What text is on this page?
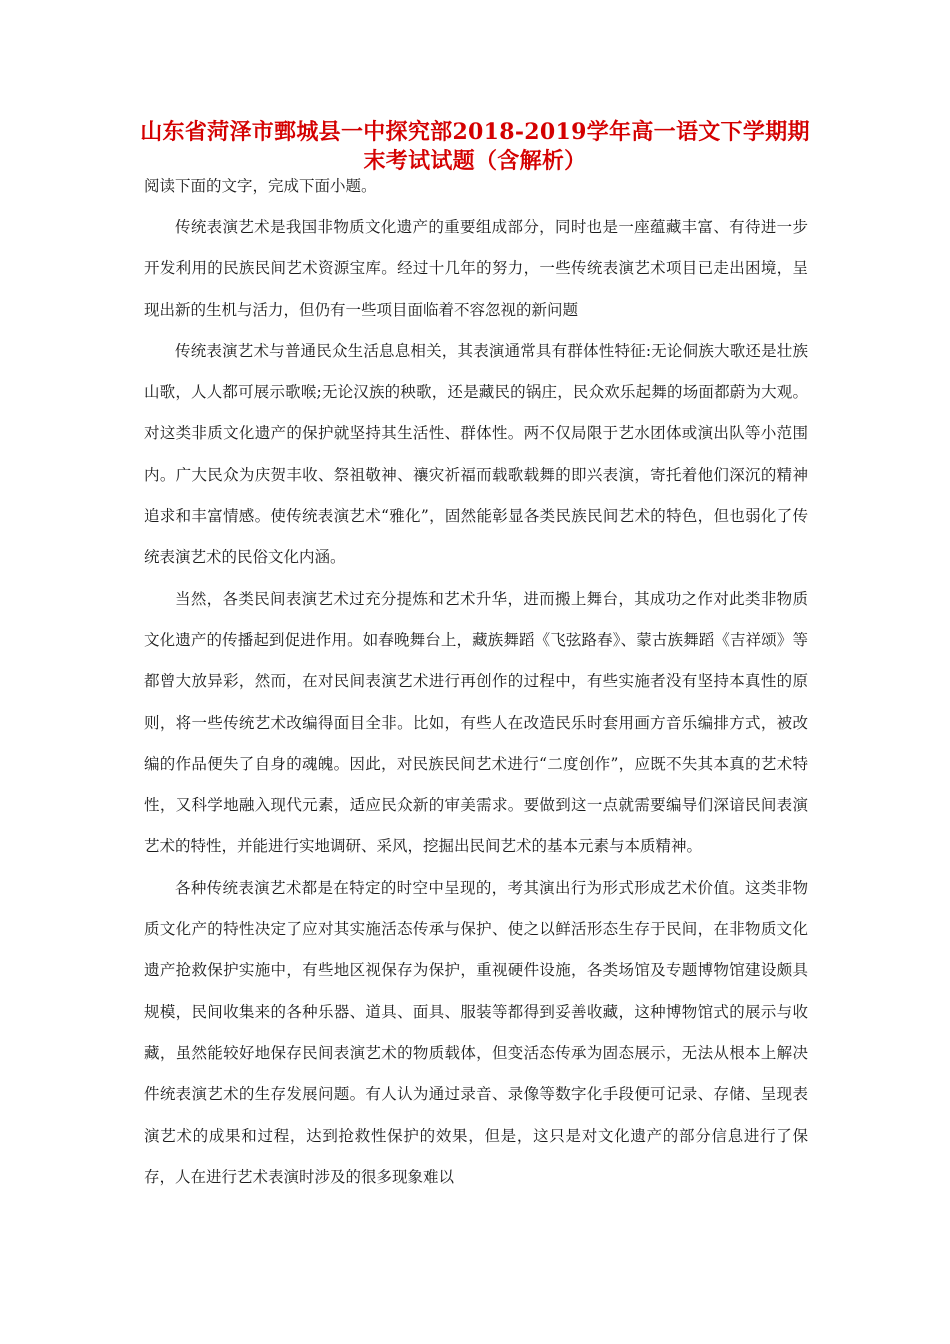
山东省菏泽市鄄城县一中探究部2018-2019学年高一语文下学期期末考试试题（含解析）
阅读下面的文字，完成下面小题。

传统表演艺术是我国非物质文化遗产的重要组成部分，同时也是一座蕴藏丰富、有待进一步开发利用的民族民间艺术资源宝库。经过十几年的努力，一些传统表演艺术项目已走出困境，呈现出新的生机与活力，但仍有一些项目面临着不容忽视的新问题

传统表演艺术与普通民众生活息息相关，其表演通常具有群体性特征:无论侗族大歌还是壮族山歌，人人都可展示歌喉;无论汉族的秧歌，还是藏民的锅庄，民众欢乐起舞的场面都蔚为大观。对这类非质文化遗产的保护就坚持其生活性、群体性。两不仅局限于艺水团体或演出队等小范围内。广大民众为庆贺丰收、祭祖敬神、禳灾祈福而载歌载舞的即兴表演，寄托着他们深沉的精神追求和丰富情感。使传统表演艺术“雅化”，固然能彰显各类民族民间艺术的特色，但也弱化了传统表演艺术的民俗文化内涵。

当然，各类民间表演艺术过充分提炼和艺术升华，进而搬上舞台，其成功之作对此类非物质文化遗产的传播起到促进作用。如春晚舞台上，藏族舞蹈《飞弦路春》、蒙古族舞蹈《吉祥颂》等都曾大放异彩，然而，在对民间表演艺术进行再创作的过程中，有些实施者没有坚持本真性的原则，将一些传统艺术改编得面目全非。比如，有些人在改造民乐时套用画方音乐编排方式，被改编的作品便失了自身的魂魄。因此，对民族民间艺术进行“二度创作”，应既不失其本真的艺术特性，又科学地融入现代元素，适应民众新的审美需求。要做到这一点就需要编导们深谙民间表演艺术的特性，并能进行实地调研、采风，挖掘出民间艺术的基本元素与本质精神。

各种传统表演艺术都是在特定的时空中呈现的，考其演出行为形式形成艺术价值。这类非物质文化产的特性决定了应对其实施活态传承与保护、使之以鲜活形态生存于民间，在非物质文化遗产抢救保护实施中，有些地区视保存为保护，重视硬件设施，各类场馆及专题博物馆建设颇具规模，民间收集来的各种乐器、道具、面具、服装等都得到妥善收藏，这种博物馆式的展示与收藏，虽然能较好地保存民间表演艺术的物质载体，但变活态传承为固态展示，无法从根本上解决件统表演艺术的生存发展问题。有人认为通过录音、录像等数字化手段便可记录、存储、呈现表演艺术的成果和过程，达到抢救性保护的效果，但是，这只是对文化遗产的部分信息进行了保存，人在进行艺术表演时涉及的很多现象难以
